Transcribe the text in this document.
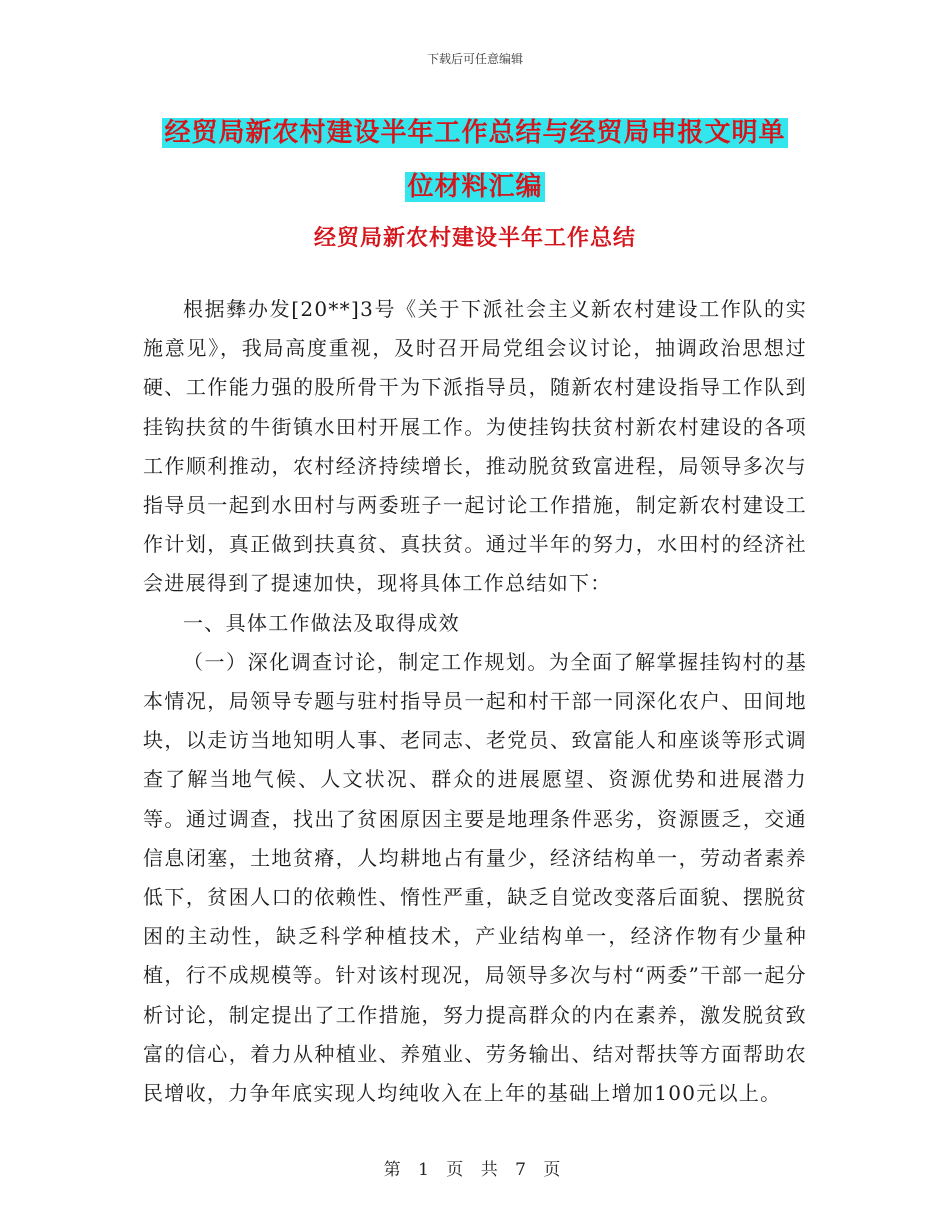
下载后可任意编辑
经贸局新农村建设半年工作总结与经贸局申报文明单
位材料汇编
经贸局新农村建设半年工作总结

根据彝办发[20**]3号《关于下派社会主义新农村建设工作队的实施意见》，我局高度重视，及时召开局党组会议讨论，抽调政治思想过硬、工作能力强的股所骨干为下派指导员，随新农村建设指导工作队到挂钩扶贫的牛街镇水田村开展工作。为使挂钩扶贫村新农村建设的各项工作顺利推动，农村经济持续增长，推动脱贫致富进程，局领导多次与指导员一起到水田村与两委班子一起讨论工作措施，制定新农村建设工作计划，真正做到扶真贫、真扶贫。通过半年的努力，水田村的经济社会进展得到了提速加快，现将具体工作总结如下：

一、具体工作做法及取得成效

（一）深化调查讨论，制定工作规划。为全面了解掌握挂钩村的基本情况，局领导专题与驻村指导员一起和村干部一同深化农户、田间地块，以走访当地知明人事、老同志、老党员、致富能人和座谈等形式调查了解当地气候、人文状况、群众的进展愿望、资源优势和进展潜力等。通过调查，找出了贫困原因主要是地理条件恶劣，资源匮乏，交通信息闭塞，土地贫瘠，人均耕地占有量少，经济结构单一，劳动者素养低下，贫困人口的依赖性、惰性严重，缺乏自觉改变落后面貌、摆脱贫困的主动性，缺乏科学种植技术，产业结构单一，经济作物有少量种植，行不成规模等。针对该村现况，局领导多次与村“两委”干部一起分析讨论，制定提出了工作措施，努力提高群众的内在素养，激发脱贫致富的信心，着力从种植业、养殖业、劳务输出、结对帮扶等方面帮助农民增收，力争年底实现人均纯收入在上年的基础上增加100元以上。

第 1 页 共 7 页
